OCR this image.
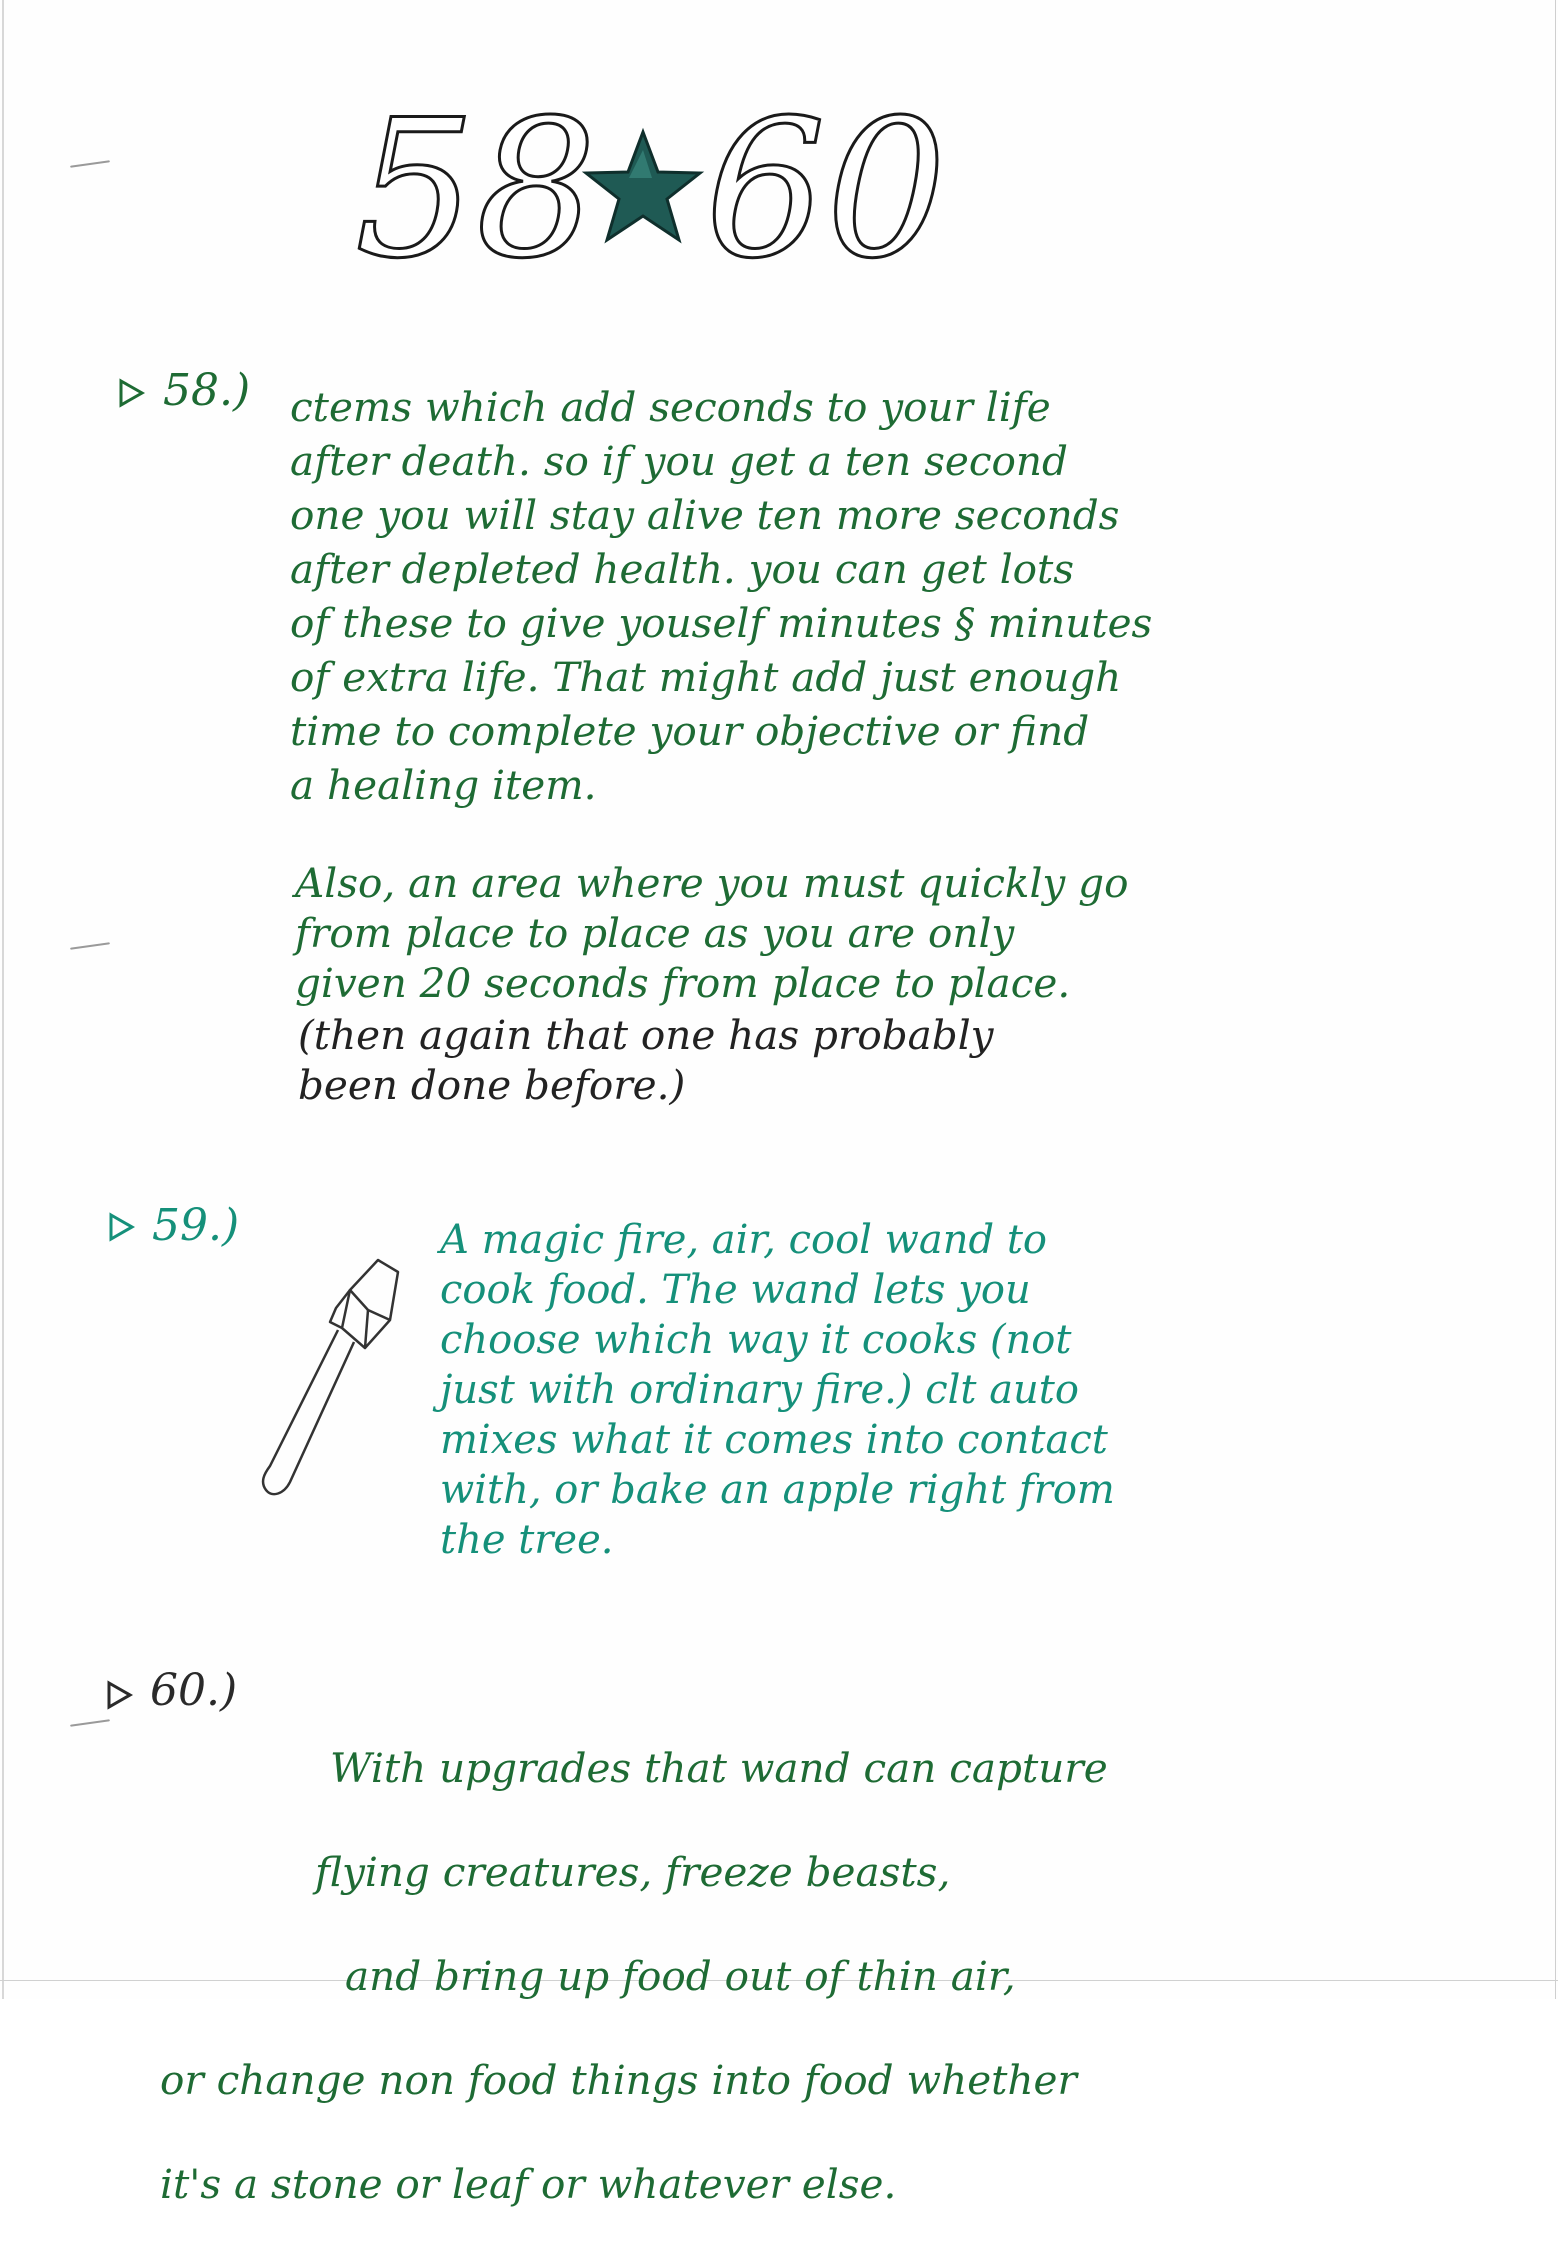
58 60
58.) ctems which add seconds to your life
after death. so if you get a ten second
one you will stay alive ten more seconds
after depleted health. you can get lots
of these to give youself minutes § minutes
of extra life. That might add just enough
time to complete your objective or find
a healing item.

Also, an area where you must quickly go
from place to place as you are only
given 20 seconds from place to place.

(then again that one has probably
been done before.)

59.)	A magic fire, air, cool wand to
cook food. The wand lets you
choose which way it cooks (not
just with ordinary fire.) clt auto
mixes what it comes into contact
with, or bake an apple right from
the tree.

60.)

With upgrades that wand can capture

flying creatures, freeze beasts,

and bring up food out of thin air,

or change non food things into food whether

it's a stone or leaf or whatever else.
